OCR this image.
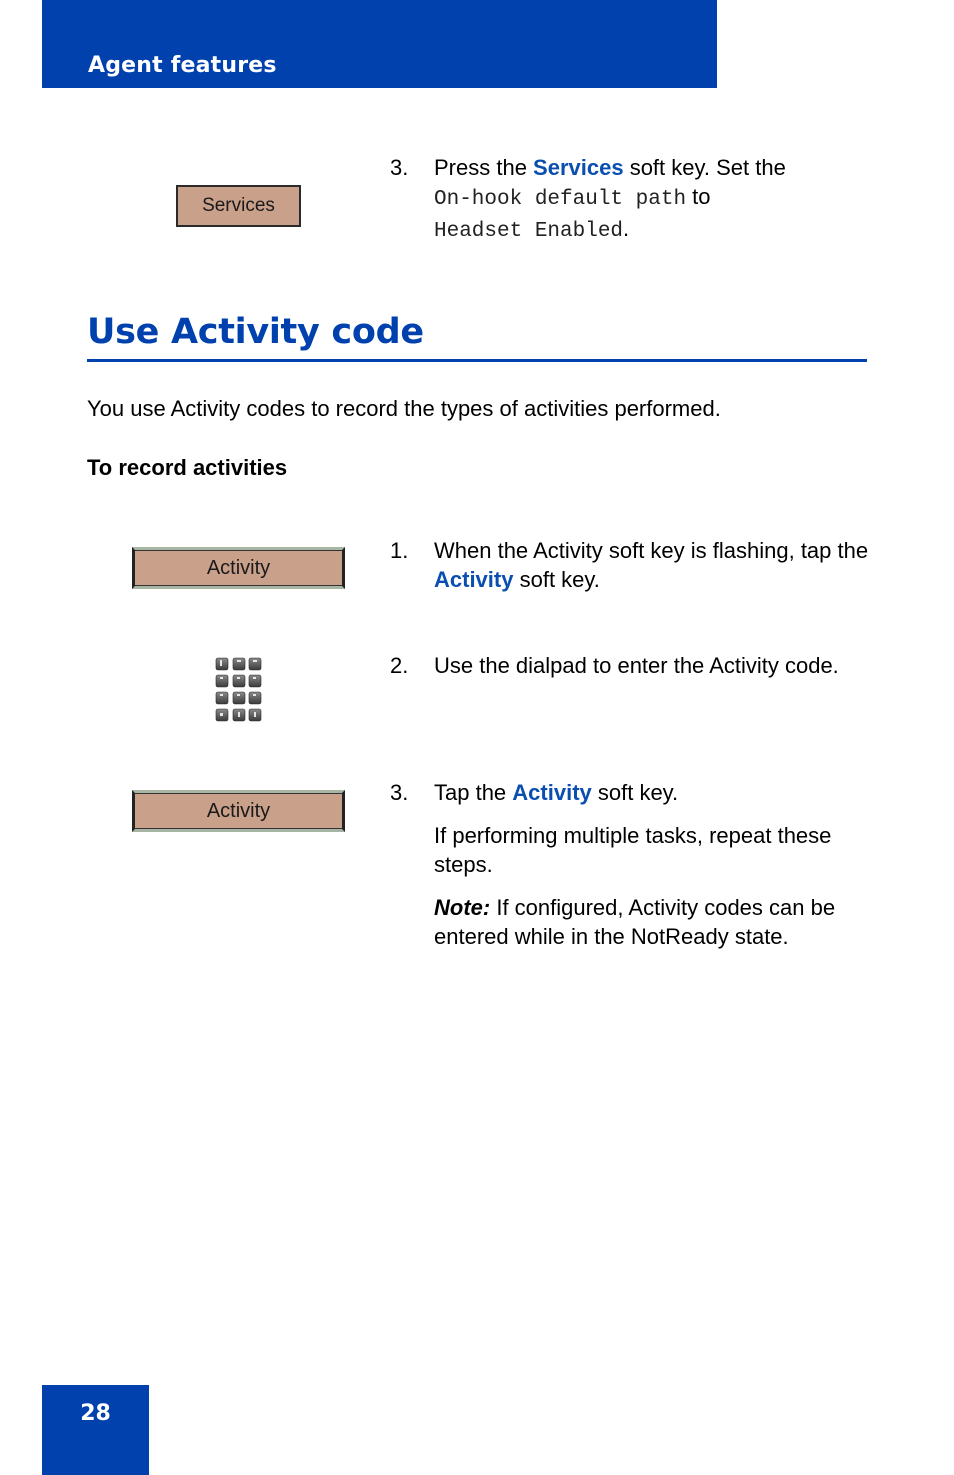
Agent features
Services
3. Press the Services soft key. Set the
On-hook default path to
Headset Enabled.
Use Activity code
You use Activity codes to record the types of activities performed.
To record activities
Activity
1. When the Activity soft key is flashing, tap the Activity soft key.
2. Use the dialpad to enter the Activity code.
Activity
3. Tap the Activity soft key.

If performing multiple tasks, repeat these steps.

Note: If configured, Activity codes can be entered while in the NotReady state.

28
